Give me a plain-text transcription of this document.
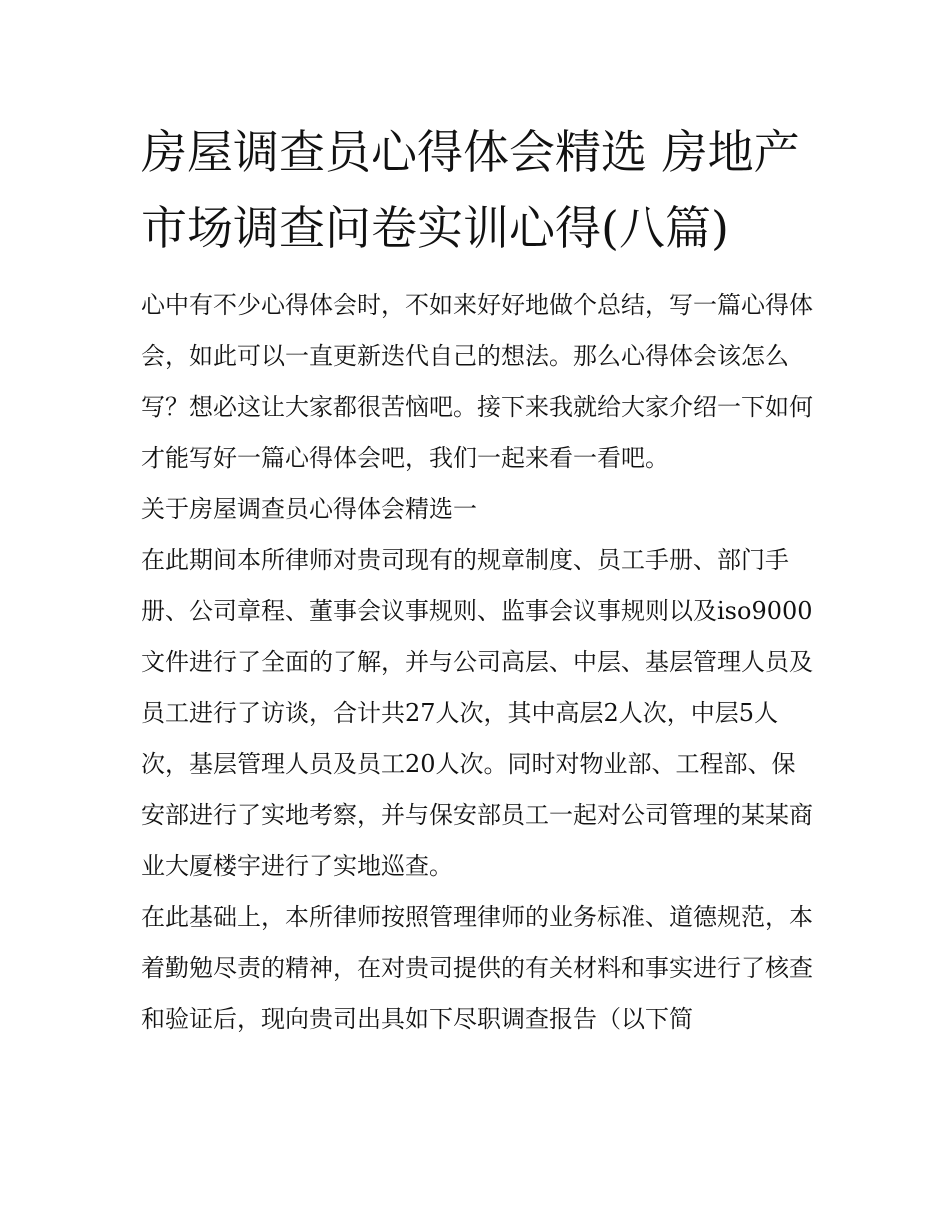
房屋调查员心得体会精选 房地产市场调查问卷实训心得(八篇)

心中有不少心得体会时，不如来好好地做个总结，写一篇心得体会，如此可以一直更新迭代自己的想法。那么心得体会该怎么写？想必这让大家都很苦恼吧。接下来我就给大家介绍一下如何才能写好一篇心得体会吧，我们一起来看一看吧。

关于房屋调查员心得体会精选一

在此期间本所律师对贵司现有的规章制度、员工手册、部门手册、公司章程、董事会议事规则、监事会议事规则以及iso9000文件进行了全面的了解，并与公司高层、中层、基层管理人员及员工进行了访谈，合计共27人次，其中高层2人次，中层5人次，基层管理人员及员工20人次。同时对物业部、工程部、保安部进行了实地考察，并与保安部员工一起对公司管理的某某商业大厦楼宇进行了实地巡查。

在此基础上，本所律师按照管理律师的业务标准、道德规范，本着勤勉尽责的精神，在对贵司提供的有关材料和事实进行了核查和验证后，现向贵司出具如下尽职调查报告（以下简
